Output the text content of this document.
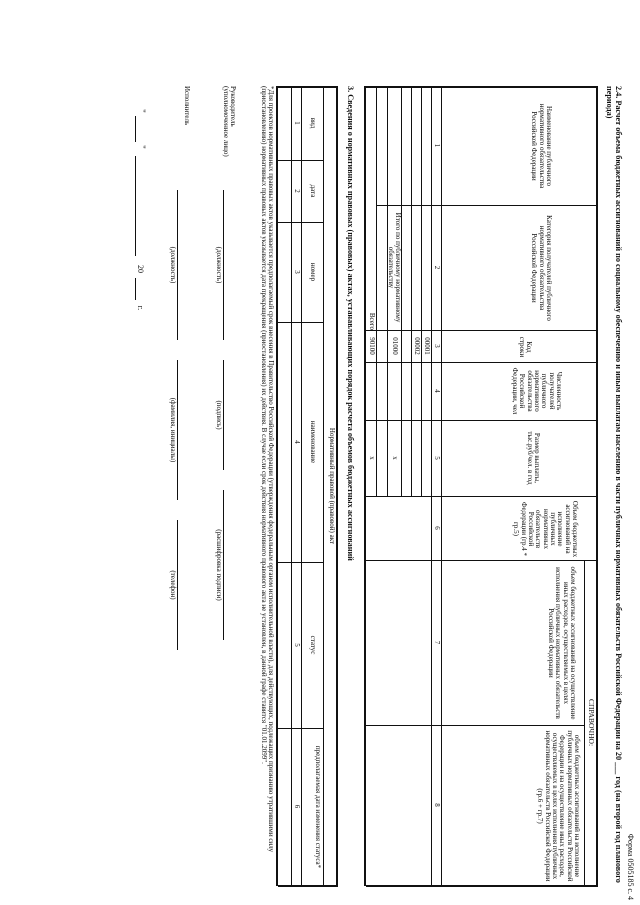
Форма 0505185 с. 4
2.4. Расчет объема бюджетных ассигнований по социальному обеспечению и иным выплатам населению в части публичных нормативных обязательств Российской Федерации на 20 ___ год (на второй год планового периода)
Наименование публичного нормативного обязательства Российской Федерации
Категория получателей публичного нормативного обязательства Российской Федерации
Код строки
Численность получателей публичного нормативного обязательства Российской Федерации, чел
Размер выплаты, тыс.руб/чел. в год
Объем бюджетных ассигнований на исполнение публичных нормативных обязательств Российской Федерации (гр.4 * гр.5)
СПРАВОЧНО:
объем бюджетных ассигнований на осуществление иных расходов, осуществляемых в целях исполнения публичных нормативных обязательств Российской Федерации
объем бюджетных ассигнований на исполнение публичных нормативных обязательств Российской Федерации и на осуществление иных расходов, осуществляемых в целях исполнения публичных нормативных обязательств Российской Федерации (гр.6 + гр.7)
1
2
3
4
5
6
7
8
00001
00002
Итого по публичному нормативному обязательству
01000
x
Всего
90100
x
3. Сведения о нормативных правовых (правовых) актах, устанавливающих порядок расчета объемов бюджетных ассигнований
Нормативный правовой (правовой) акт
вид
дата
номер
наименование
статус
предполагаемая дата изменения статуса*
1
2
3
4
5
6
*Для проектов нормативных правовых актов указывается предполагаемый срок внесения в Правительство Российской Федерации (утверждения федеральным органом исполнительной власти), для действующих, подлежащих признанию утратившими силу (приостановлению) нормативных правовых актов указывается дата прекращения (приостановления) их действия. В случае если срок действия нормативного правового акта не установлен, в данной графе ставится "01.01.2099".
Руководитель (уполномоченное лицо)
(должность)
(подпись)
(расшифровка подписи)
Исполнитель
(должность)
(фамилия, инициалы)
(телефон)
"
"
20
г.
